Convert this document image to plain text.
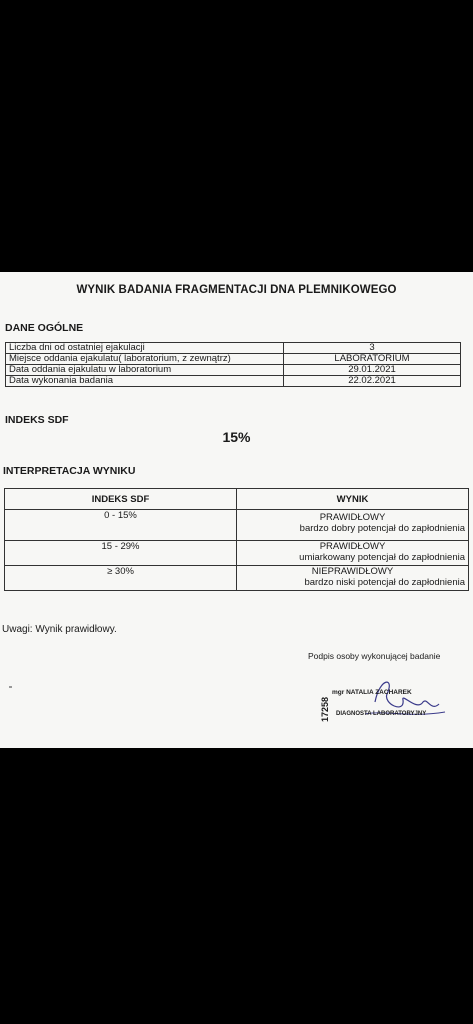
WYNIK BADANIA FRAGMENTACJI DNA PLEMNIKOWEGO
DANE OGÓLNE
Liczba dni od ostatniej ejakulacji	3
Miejsce oddania ejakulatu( laboratorium, z zewnątrz)	LABORATORIUM
Data oddania ejakulatu w laboratorium	29.01.2021
Data wykonania badania	22.02.2021
INDEKS SDF
15%
INTERPRETACJA WYNIKU
INDEKS SDF	WYNIK
0 - 15%	PRAWIDŁOWY
bardzo dobry potencjał do zapłodnienia

15 - 29%	PRAWIDŁOWY
umiarkowany potencjał do zapłodnienia

≥ 30%	NIEPRAWIDŁOWY
bardzo niski potencjał do zapłodnienia
Uwagi: Wynik prawidłowy.
Podpis osoby wykonującej badanie
17258
mgr NATALIA ZACHAREK
DIAGNOSTA LABORATORYJNY
